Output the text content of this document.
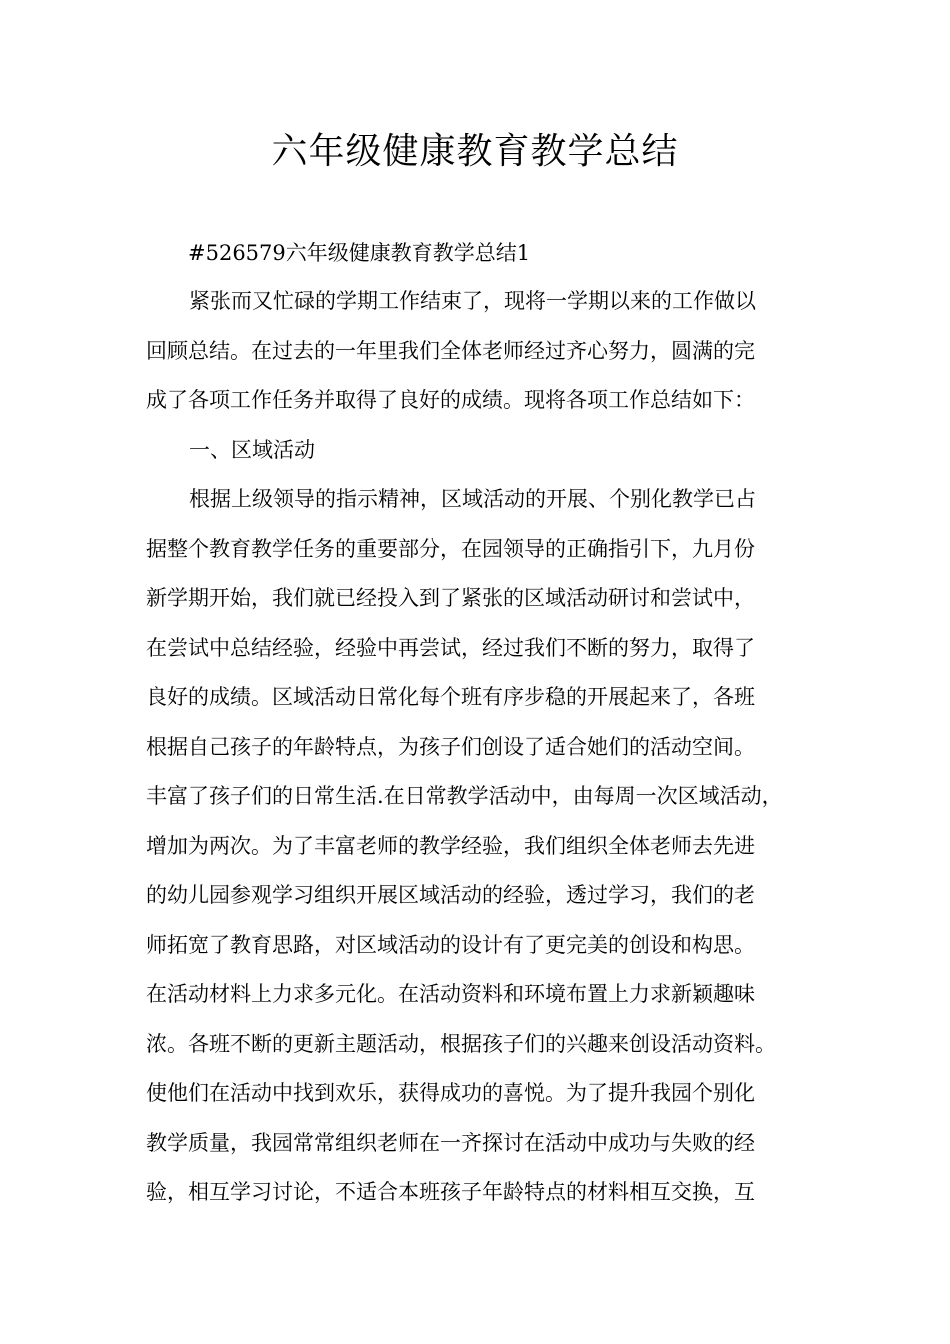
六年级健康教育教学总结

#526579六年级健康教育教学总结1

紧张而又忙碌的学期工作结束了，现将一学期以来的工作做以

回顾总结。在过去的一年里我们全体老师经过齐心努力，圆满的完

成了各项工作任务并取得了良好的成绩。现将各项工作总结如下：

一、区域活动

根据上级领导的指示精神，区域活动的开展、个别化教学已占

据整个教育教学任务的重要部分，在园领导的正确指引下，九月份

新学期开始，我们就已经投入到了紧张的区域活动研讨和尝试中，

在尝试中总结经验，经验中再尝试，经过我们不断的努力，取得了

良好的成绩。区域活动日常化每个班有序步稳的开展起来了，各班

根据自己孩子的年龄特点，为孩子们创设了适合她们的活动空间。

丰富了孩子们的日常生活.在日常教学活动中，由每周一次区域活动，

增加为两次。为了丰富老师的教学经验，我们组织全体老师去先进

的幼儿园参观学习组织开展区域活动的经验，透过学习，我们的老

师拓宽了教育思路，对区域活动的设计有了更完美的创设和构思。

在活动材料上力求多元化。在活动资料和环境布置上力求新颖趣味

浓。各班不断的更新主题活动，根据孩子们的兴趣来创设活动资料。

使他们在活动中找到欢乐，获得成功的喜悦。为了提升我园个别化

教学质量，我园常常组织老师在一齐探讨在活动中成功与失败的经

验，相互学习讨论，不适合本班孩子年龄特点的材料相互交换，互
